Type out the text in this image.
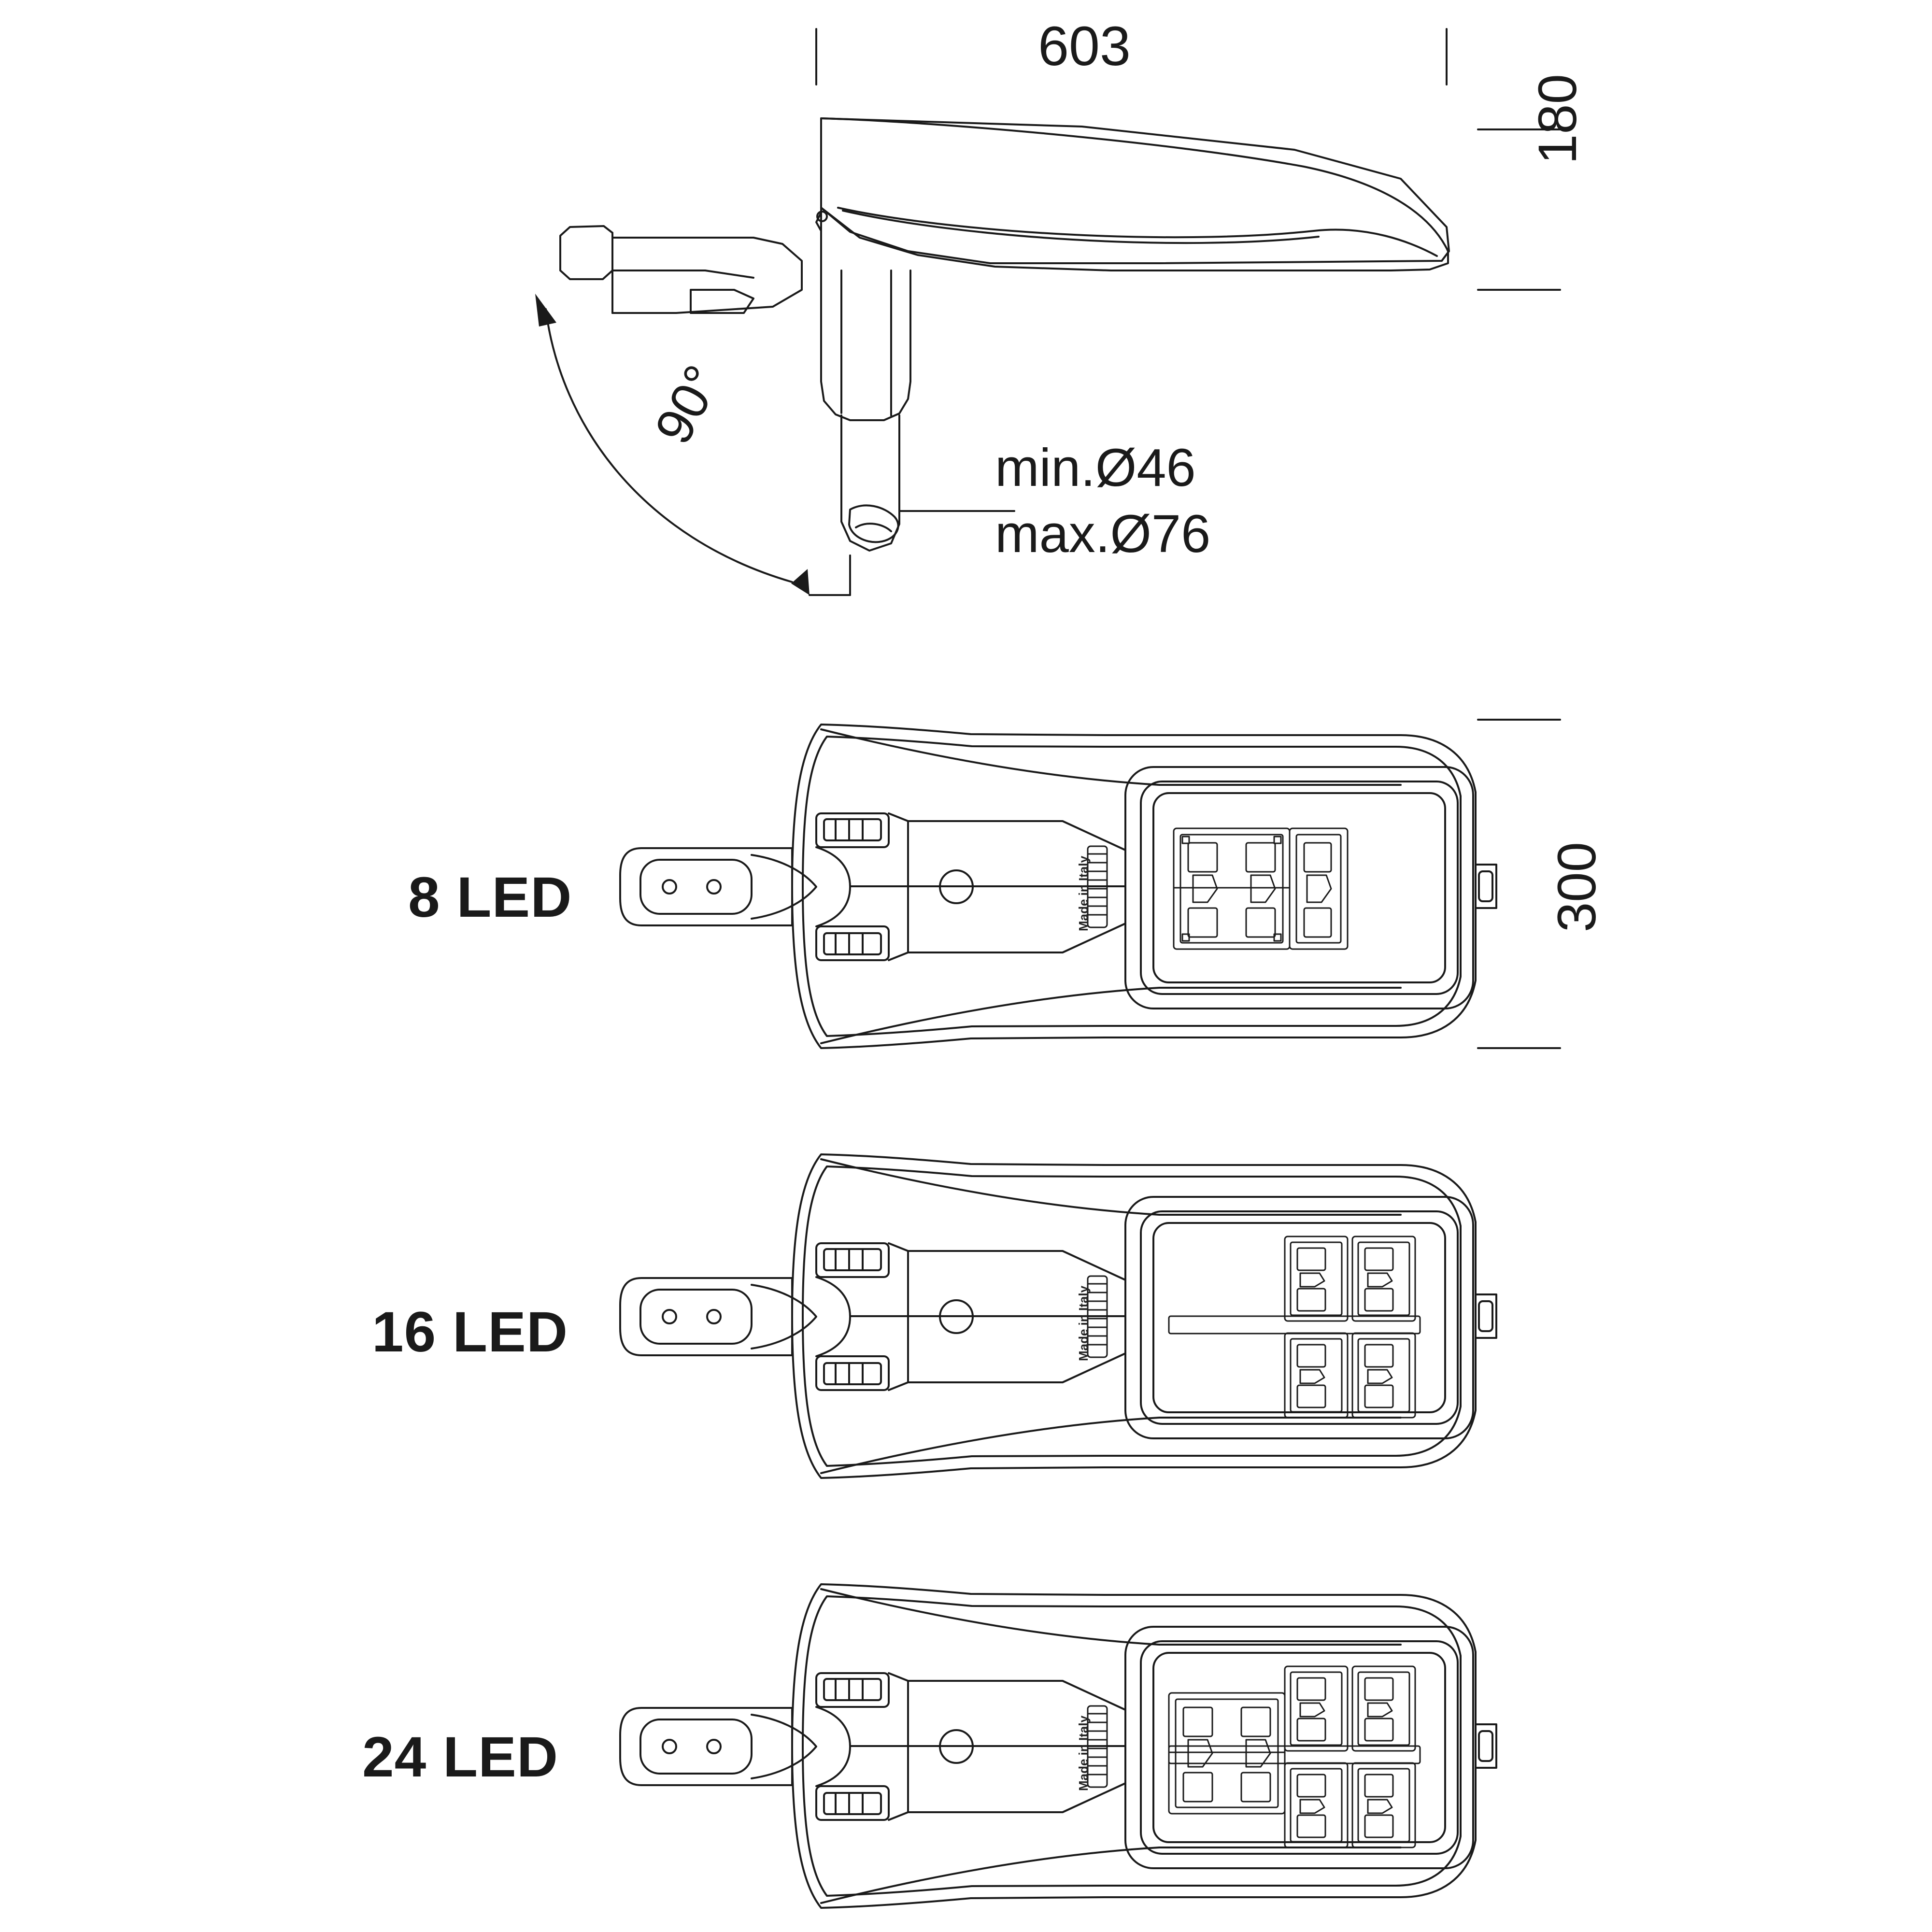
603
180
300
90°
min.Ø46
max.Ø76
8 LED
16 LED
24 LED
Made in Italy
Made in Italy
Made in Italy
